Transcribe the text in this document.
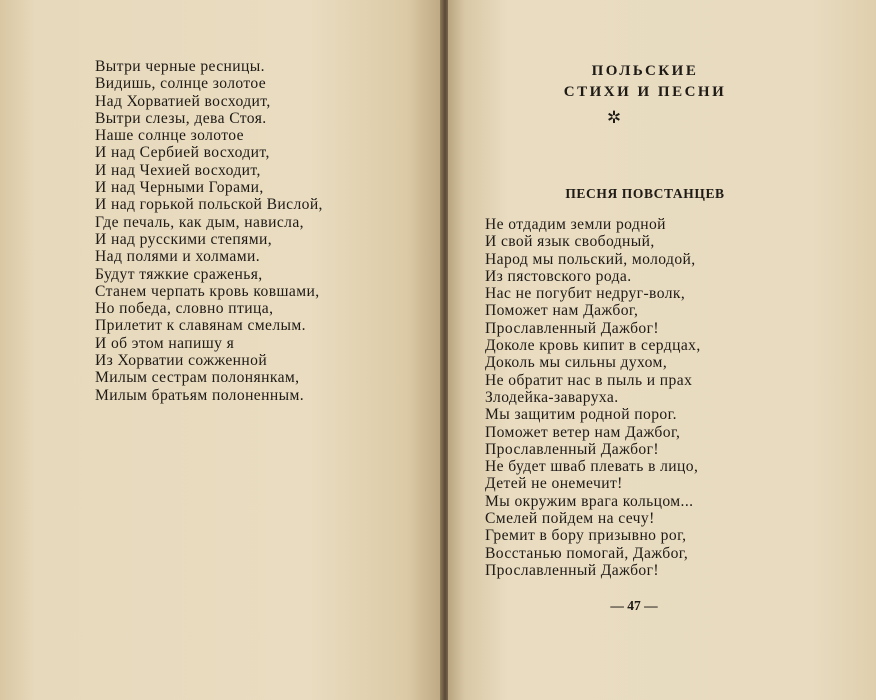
Вытри черные ресницы.
Видишь, солнце золотое
Над Хорватией восходит,
Вытри слезы, дева Стоя.
Наше солнце золотое
И над Сербией восходит,
И над Чехией восходит,
И над Черными Горами,
И над горькой польской Вислой,
Где печаль, как дым, нависла,
И над русскими степями,
Над полями и холмами.
Будут тяжкие сраженья,
Станем черпать кровь ковшами,
Но победа, словно птица,
Прилетит к славянам смелым.
И об этом напишу я
Из Хорватии сожженной
Милым сестрам полонянкам,
Милым братьям полоненным.

ПОЛЬСКИЕ

СТИХИ И ПЕСНИ

✲

ПЕСНЯ ПОВСТАНЦЕВ

Не отдадим земли родной
И свой язык свободный,
Народ мы польский, молодой,
Из пястовского рода.
Нас не погубит недруг-волк,
Поможет нам Дажбог,
Прославленный Дажбог!
Доколе кровь кипит в сердцах,
Доколь мы сильны духом,
Не обратит нас в пыль и прах
Злодейка-заваруха.
Мы защитим родной порог.
Поможет ветер нам Дажбог,
Прославленный Дажбог!
Не будет шваб плевать в лицо,
Детей не онемечит!
Мы окружим врага кольцом...
Смелей пойдем на сечу!
Гремит в бору призывно рог,
Восстанью помогай, Дажбог,
Прославленный Дажбог!
— 47 —
